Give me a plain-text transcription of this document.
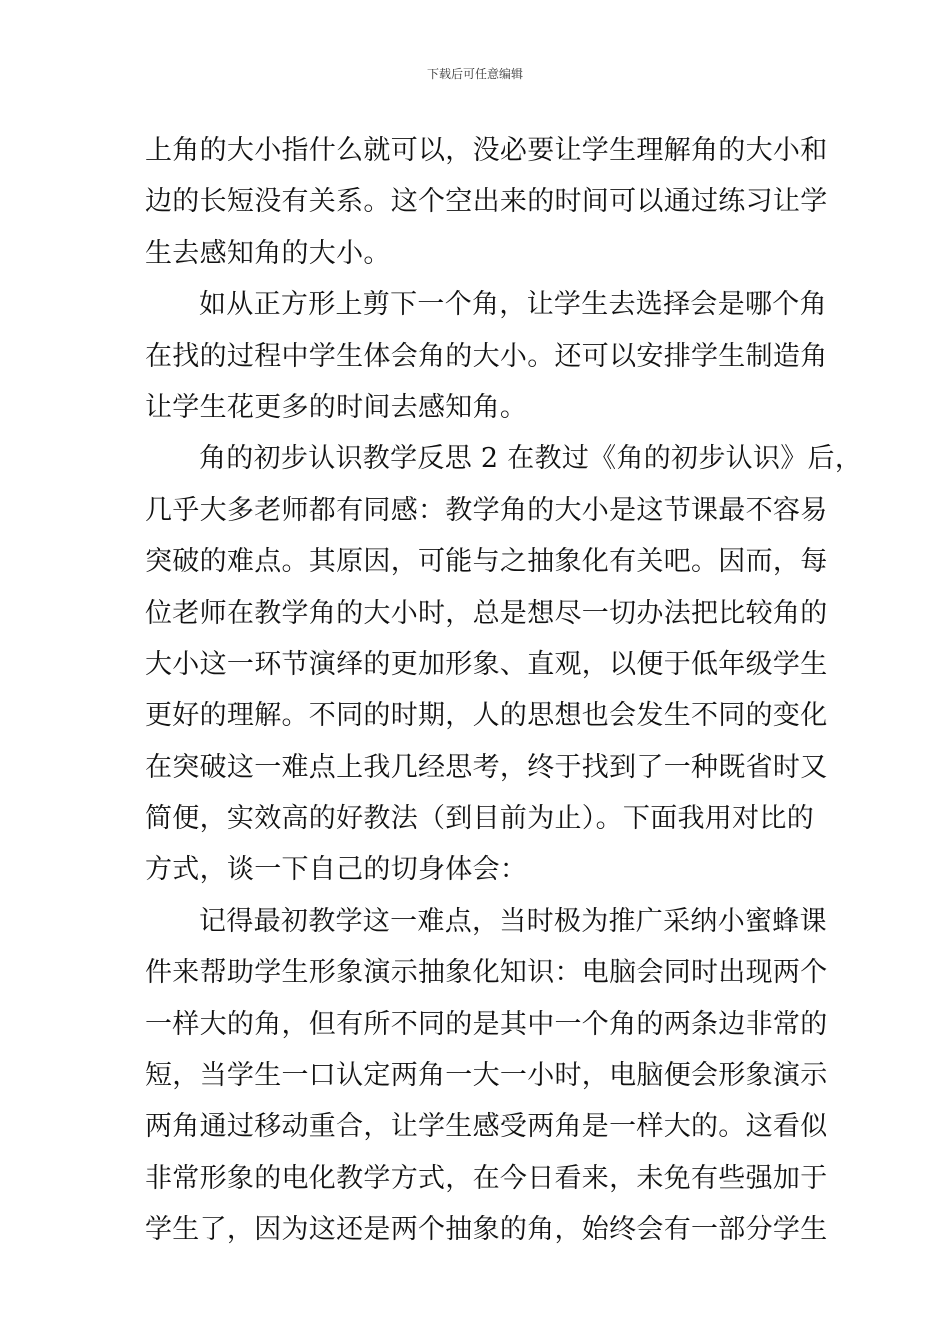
下载后可任意编辑
上角的大小指什么就可以，没必要让学生理解角的大小和
边的长短没有关系。这个空出来的时间可以通过练习让学
生去感知角的大小。
如从正方形上剪下一个角，让学生去选择会是哪个角
在找的过程中学生体会角的大小。还可以安排学生制造角
让学生花更多的时间去感知角。
角的初步认识教学反思 2 在教过《角的初步认识》后，
几乎大多老师都有同感：教学角的大小是这节课最不容易
突破的难点。其原因，可能与之抽象化有关吧。因而，每
位老师在教学角的大小时，总是想尽一切办法把比较角的
大小这一环节演绎的更加形象、直观，以便于低年级学生
更好的理解。不同的时期，人的思想也会发生不同的变化
在突破这一难点上我几经思考，终于找到了一种既省时又
简便，实效高的好教法（到目前为止）。下面我用对比的
方式，谈一下自己的切身体会：
记得最初教学这一难点，当时极为推广采纳小蜜蜂课
件来帮助学生形象演示抽象化知识：电脑会同时出现两个
一样大的角，但有所不同的是其中一个角的两条边非常的
短，当学生一口认定两角一大一小时，电脑便会形象演示
两角通过移动重合，让学生感受两角是一样大的。这看似
非常形象的电化教学方式，在今日看来，未免有些强加于
学生了，因为这还是两个抽象的角，始终会有一部分学生
